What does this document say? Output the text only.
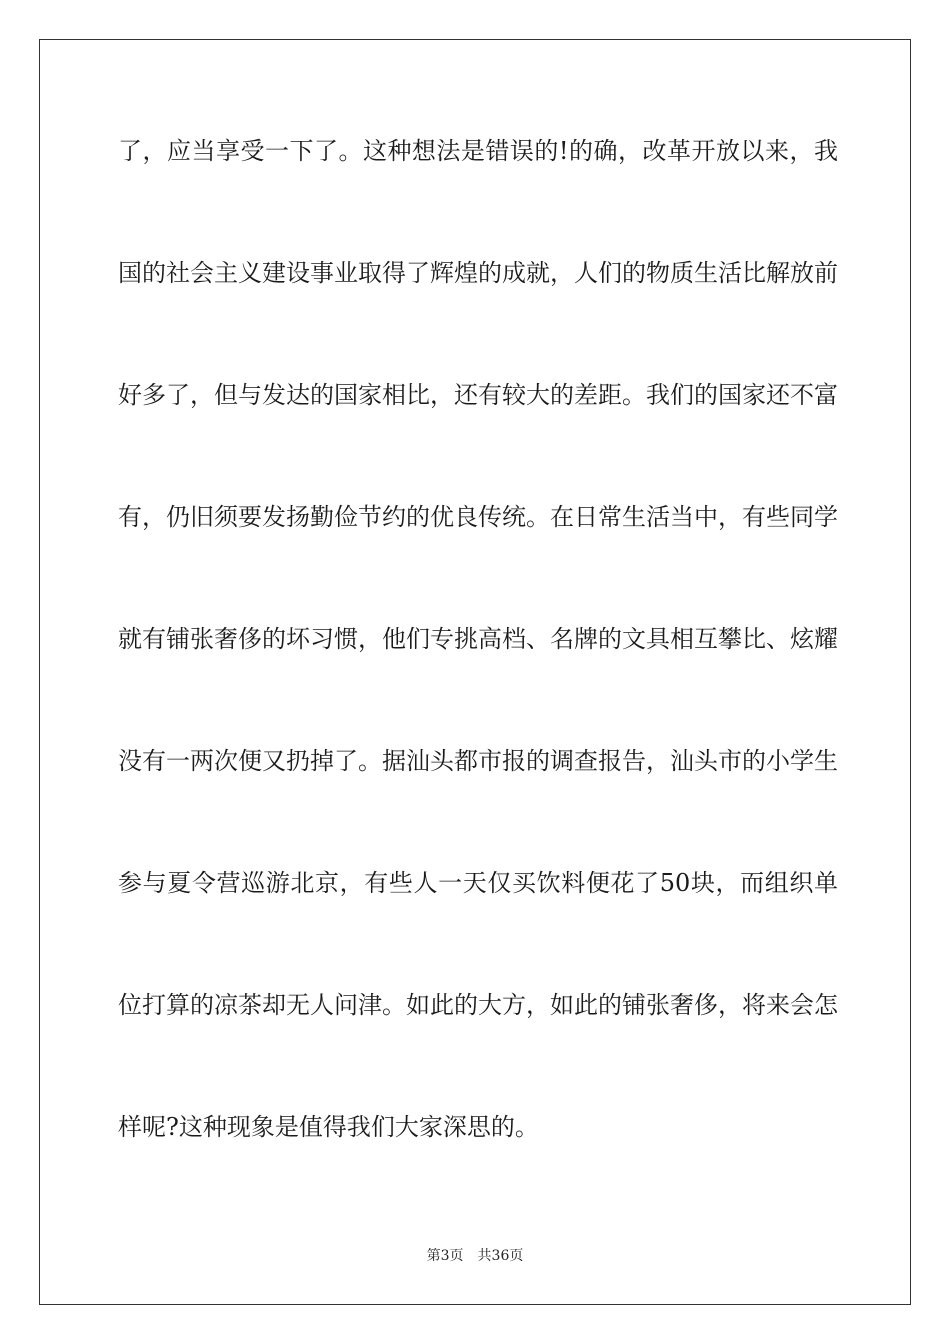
了，应当享受一下了。这种想法是错误的!的确，改革开放以来，我

国的社会主义建设事业取得了辉煌的成就，人们的物质生活比解放前

好多了，但与发达的国家相比，还有较大的差距。我们的国家还不富

有，仍旧须要发扬勤俭节约的优良传统。在日常生活当中，有些同学

就有铺张奢侈的坏习惯，他们专挑高档、名牌的文具相互攀比、炫耀

没有一两次便又扔掉了。据汕头都市报的调查报告，汕头市的小学生

参与夏令营巡游北京，有些人一天仅买饮料便花了50块，而组织单

位打算的凉茶却无人问津。如此的大方，如此的铺张奢侈，将来会怎

样呢?这种现象是值得我们大家深思的。

第3页 共36页
